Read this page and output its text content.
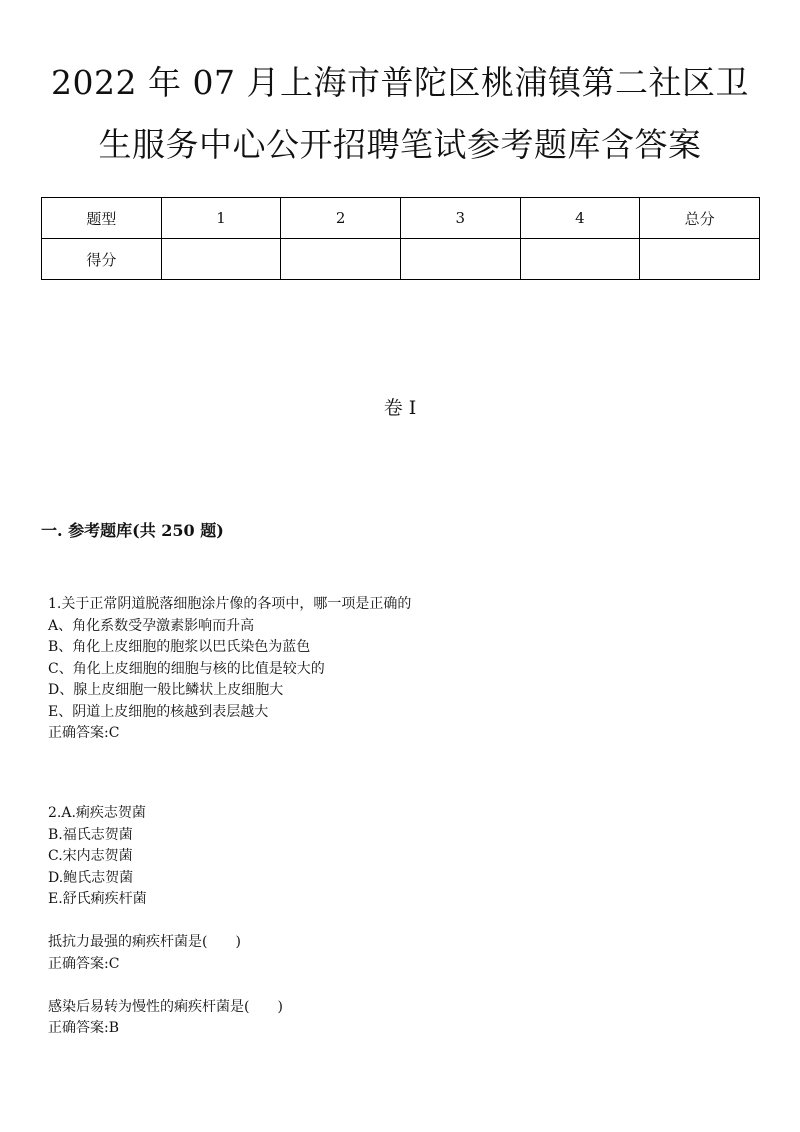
2022 年 07 月上海市普陀区桃浦镇第二社区卫
生服务中心公开招聘笔试参考题库含答案
题型	1	2	3	4	总分
得分					
卷 I
一. 参考题库(共 250 题)
1.关于正常阴道脱落细胞涂片像的各项中，哪一项是正确的
A、角化系数受孕激素影响而升高
B、角化上皮细胞的胞浆以巴氏染色为蓝色
C、角化上皮细胞的细胞与核的比值是较大的
D、腺上皮细胞一般比鳞状上皮细胞大
E、阴道上皮细胞的核越到表层越大
正确答案:C
2.A.痢疾志贺菌
B.福氏志贺菌
C.宋内志贺菌
D.鲍氏志贺菌
E.舒氏痢疾杆菌
抵抗力最强的痢疾杆菌是(　　)
正确答案:C
感染后易转为慢性的痢疾杆菌是(　　)
正确答案:B
